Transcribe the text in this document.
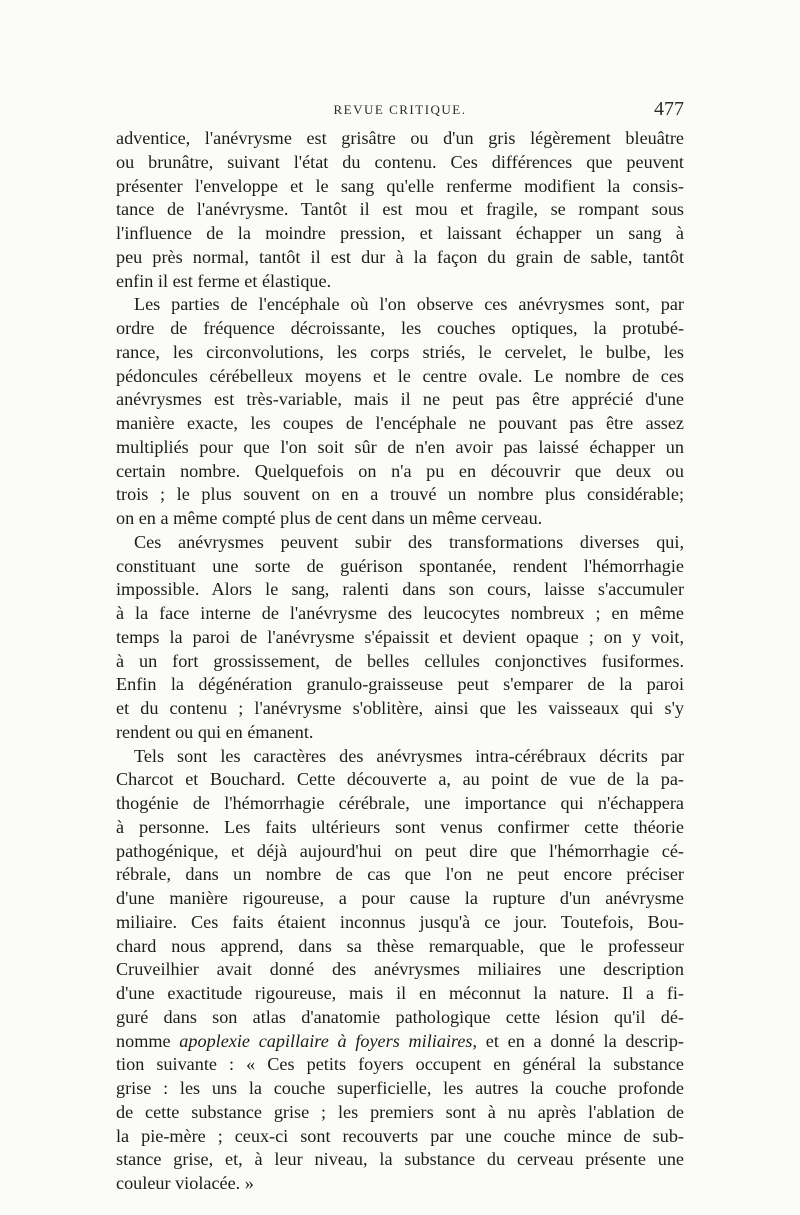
REVUE CRITIQUE.	477
adventice, l'anévrysme est grisâtre ou d'un gris légèrement bleuâtre
ou brunâtre, suivant l'état du contenu. Ces différences que peuvent
présenter l'enveloppe et le sang qu'elle renferme modifient la consis-
tance de l'anévrysme. Tantôt il est mou et fragile, se rompant sous
l'influence de la moindre pression, et laissant échapper un sang à
peu près normal, tantôt il est dur à la façon du grain de sable, tantôt
enfin il est ferme et élastique.
Les parties de l'encéphale où l'on observe ces anévrysmes sont, par
ordre de fréquence décroissante, les couches optiques, la protubé-
rance, les circonvolutions, les corps striés, le cervelet, le bulbe, les
pédoncules cérébelleux moyens et le centre ovale. Le nombre de ces
anévrysmes est très-variable, mais il ne peut pas être apprécié d'une
manière exacte, les coupes de l'encéphale ne pouvant pas être assez
multipliés pour que l'on soit sûr de n'en avoir pas laissé échapper un
certain nombre. Quelquefois on n'a pu en découvrir que deux ou
trois ; le plus souvent on en a trouvé un nombre plus considérable;
on en a même compté plus de cent dans un même cerveau.
Ces anévrysmes peuvent subir des transformations diverses qui,
constituant une sorte de guérison spontanée, rendent l'hémorrhagie
impossible. Alors le sang, ralenti dans son cours, laisse s'accumuler
à la face interne de l'anévrysme des leucocytes nombreux ; en même
temps la paroi de l'anévrysme s'épaissit et devient opaque ; on y voit,
à un fort grossissement, de belles cellules conjonctives fusiformes.
Enfin la dégénération granulo-graisseuse peut s'emparer de la paroi
et du contenu ; l'anévrysme s'oblitère, ainsi que les vaisseaux qui s'y
rendent ou qui en émanent.
Tels sont les caractères des anévrysmes intra-cérébraux décrits par
Charcot et Bouchard. Cette découverte a, au point de vue de la pa-
thogénie de l'hémorrhagie cérébrale, une importance qui n'échappera
à personne. Les faits ultérieurs sont venus confirmer cette théorie
pathogénique, et déjà aujourd'hui on peut dire que l'hémorrhagie cé-
rébrale, dans un nombre de cas que l'on ne peut encore préciser
d'une manière rigoureuse, a pour cause la rupture d'un anévrysme
miliaire. Ces faits étaient inconnus jusqu'à ce jour. Toutefois, Bou-
chard nous apprend, dans sa thèse remarquable, que le professeur
Cruveilhier avait donné des anévrysmes miliaires une description
d'une exactitude rigoureuse, mais il en méconnut la nature. Il a fi-
guré dans son atlas d'anatomie pathologique cette lésion qu'il dé-
nomme apoplexie capillaire à foyers miliaires, et en a donné la descrip-
tion suivante : « Ces petits foyers occupent en général la substance
grise : les uns la couche superficielle, les autres la couche profonde
de cette substance grise ; les premiers sont à nu après l'ablation de
la pie-mère ; ceux-ci sont recouverts par une couche mince de sub-
stance grise, et, à leur niveau, la substance du cerveau présente une
couleur violacée. »
